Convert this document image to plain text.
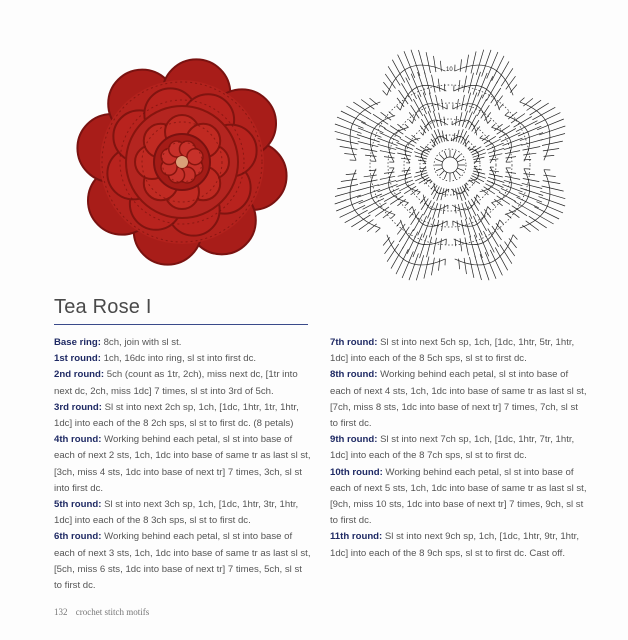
10
Tea Rose I

Base ring: 8ch, join with sl st.

1st round: 1ch, 16dc into ring, sl st into first dc.

2nd round: 5ch (count as 1tr, 2ch), miss next dc, [1tr into next dc, 2ch, miss 1dc] 7 times, sl st into 3rd of 5ch.

3rd round: Sl st into next 2ch sp, 1ch, [1dc, 1htr, 1tr, 1htr, 1dc] into each of the 8 2ch sps, sl st to first dc. (8 petals)

4th round: Working behind each petal, sl st into base of each of next 2 sts, 1ch, 1dc into base of same tr as last sl st, [3ch, miss 4 sts, 1dc into base of next tr] 7 times, 3ch, sl st into first dc.

5th round: Sl st into next 3ch sp, 1ch, [1dc, 1htr, 3tr, 1htr, 1dc] into each of the 8 3ch sps, sl st to first dc.

6th round: Working behind each petal, sl st into base of each of next 3 sts, 1ch, 1dc into base of same tr as last sl st, [5ch, miss 6 sts, 1dc into base of next tr] 7 times, 5ch, sl st to first dc.

7th round: Sl st into next 5ch sp, 1ch, [1dc, 1htr, 5tr, 1htr, 1dc] into each of the 8 5ch sps, sl st to first dc.

8th round: Working behind each petal, sl st into base of each of next 4 sts, 1ch, 1dc into base of same tr as last sl st, [7ch, miss 8 sts, 1dc into base of next tr] 7 times, 7ch, sl st to first dc.

9th round: Sl st into next 7ch sp, 1ch, [1dc, 1htr, 7tr, 1htr, 1dc] into each of the 8 7ch sps, sl st to first dc.

10th round: Working behind each petal, sl st into base of each of next 5 sts, 1ch, 1dc into base of same tr as last sl st, [9ch, miss 10 sts, 1dc into base of next tr] 7 times, 9ch, sl st to first dc.

11th round: Sl st into next 9ch sp, 1ch, [1dc, 1htr, 9tr, 1htr, 1dc] into each of the 8 9ch sps, sl st to first dc. Cast off.

132 crochet stitch motifs
